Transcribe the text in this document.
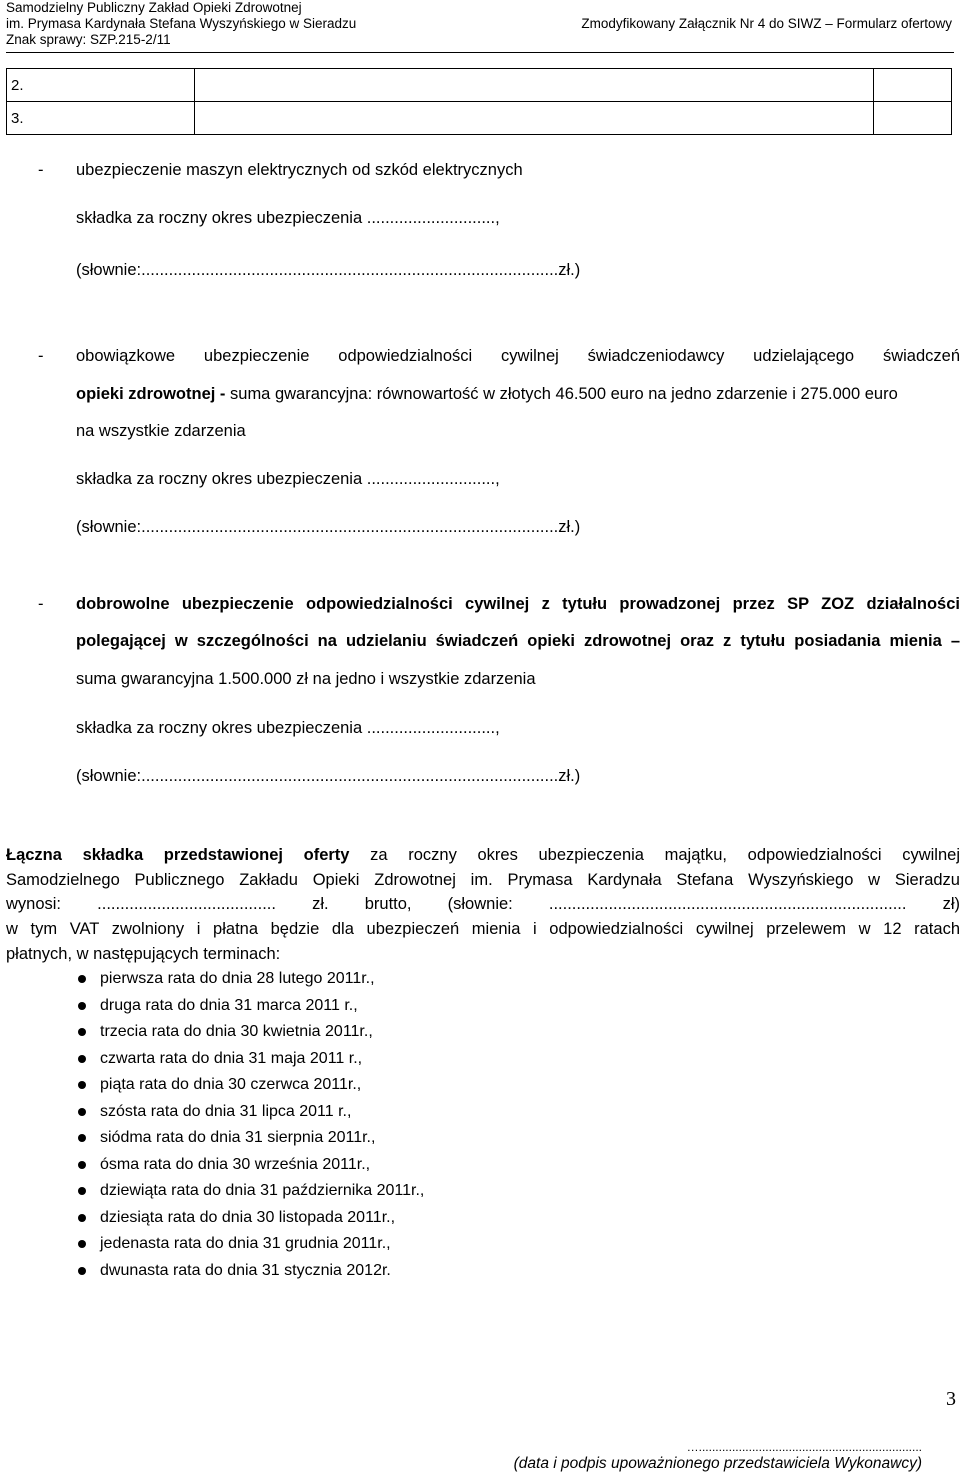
Samodzielny Publiczny Zakład Opieki Zdrowotnej
im. Prymasa Kardynała Stefana Wyszyńskiego w Sieradzu
Znak sprawy: SZP.215-2/11
Zmodyfikowany Załącznik Nr 4 do SIWZ – Formularz ofertowy
2.		
3.		
- ubezpieczenie maszyn elektrycznych od szkód elektrycznych
składka za roczny okres ubezpieczenia ............................,
(słownie:...........................................................................................zł.)
- obowiązkowe ubezpieczenie odpowiedzialności cywilnej świadczeniodawcy udzielającego świadczeń
opieki zdrowotnej - suma gwarancyjna: równowartość w złotych 46.500 euro na jedno zdarzenie i 275.000 euro
na wszystkie zdarzenia
składka za roczny okres ubezpieczenia ............................,
(słownie:...........................................................................................zł.)
- dobrowolne ubezpieczenie odpowiedzialności cywilnej z tytułu prowadzonej przez SP ZOZ działalności
polegającej w szczególności na udzielaniu świadczeń opieki zdrowotnej oraz z tytułu posiadania mienia –
suma gwarancyjna 1.500.000 zł na jedno i wszystkie zdarzenia
składka za roczny okres ubezpieczenia ............................,
(słownie:...........................................................................................zł.)
Łączna składka przedstawionej oferty za roczny okres ubezpieczenia majątku, odpowiedzialności cywilnej
Samodzielnego Publicznego Zakładu Opieki Zdrowotnej im. Prymasa Kardynała Stefana Wyszyńskiego w Sieradzu
wynosi: ....................................... zł. brutto, (słownie: .............................................................................. zł)
w tym VAT zwolniony i płatna będzie dla ubezpieczeń mienia i odpowiedzialności cywilnej przelewem w 12 ratach
płatnych, w następujących terminach:
pierwsza rata do dnia 28 lutego 2011r.,
druga rata do dnia 31 marca 2011 r.,
trzecia rata do dnia 30 kwietnia 2011r.,
czwarta rata do dnia 31 maja 2011 r.,
piąta rata do dnia 30 czerwca 2011r.,
szósta rata do dnia 31 lipca 2011 r.,
siódma rata do dnia 31 sierpnia 2011r.,
ósma rata do dnia 30 września 2011r.,
dziewiąta rata do dnia 31 października 2011r.,
dziesiąta rata do dnia 30 listopada 2011r.,
jedenasta rata do dnia 31 grudnia 2011r.,
dwunasta rata do dnia 31 stycznia 2012r.
3
…...................................................................
(data i podpis upoważnionego przedstawiciela Wykonawcy)
